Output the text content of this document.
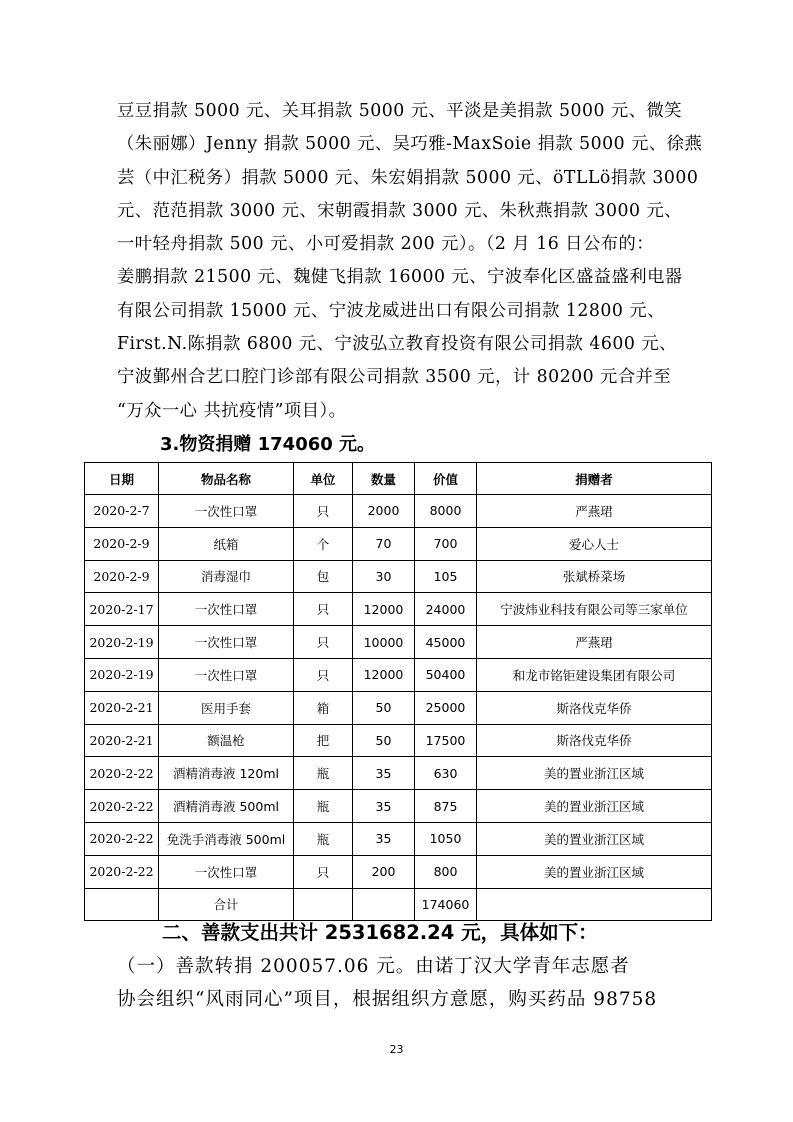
豆豆捐款 5000 元、关耳捐款 5000 元、平淡是美捐款 5000 元、微笑
（朱丽娜）Jenny 捐款 5000 元、吴巧雅-MaxSoie 捐款 5000 元、徐燕
芸（中汇税务）捐款 5000 元、朱宏娟捐款 5000 元、öTLLö捐款 3000
元、范范捐款 3000 元、宋朝霞捐款 3000 元、朱秋燕捐款 3000 元、
一叶轻舟捐款 500 元、小可爱捐款 200 元）。（2 月 16 日公布的：
姜鹏捐款 21500 元、魏健飞捐款 16000 元、宁波奉化区盛益盛利电器
有限公司捐款 15000 元、宁波龙威进出口有限公司捐款 12800 元、
First.N.陈捐款 6800 元、宁波弘立教育投资有限公司捐款 4600 元、
宁波鄞州合艺口腔门诊部有限公司捐款 3500 元，计 80200 元合并至
“万众一心 共抗疫情”项目）。
3.物资捐赠 174060 元。
日期	物品名称	单位	数量	价值	捐赠者
2020-2-7	一次性口罩	只	2000	8000	严燕珺
2020-2-9	纸箱	个	70	700	爱心人士
2020-2-9	消毒湿巾	包	30	105	张斌桥菜场
2020-2-17	一次性口罩	只	12000	24000	宁波炜业科技有限公司等三家单位
2020-2-19	一次性口罩	只	10000	45000	严燕珺
2020-2-19	一次性口罩	只	12000	50400	和龙市铭钜建设集团有限公司
2020-2-21	医用手套	箱	50	25000	斯洛伐克华侨
2020-2-21	额温枪	把	50	17500	斯洛伐克华侨
2020-2-22	酒精消毒液 120ml	瓶	35	630	美的置业浙江区域
2020-2-22	酒精消毒液 500ml	瓶	35	875	美的置业浙江区域
2020-2-22	免洗手消毒液 500ml	瓶	35	1050	美的置业浙江区域
2020-2-22	一次性口罩	只	200	800	美的置业浙江区域
	合计			174060	
二、善款支出共计 2531682.24 元，具体如下：
（一）善款转捐 200057.06 元。由诺丁汉大学青年志愿者
协会组织“风雨同心”项目，根据组织方意愿，购买药品 98758
23
